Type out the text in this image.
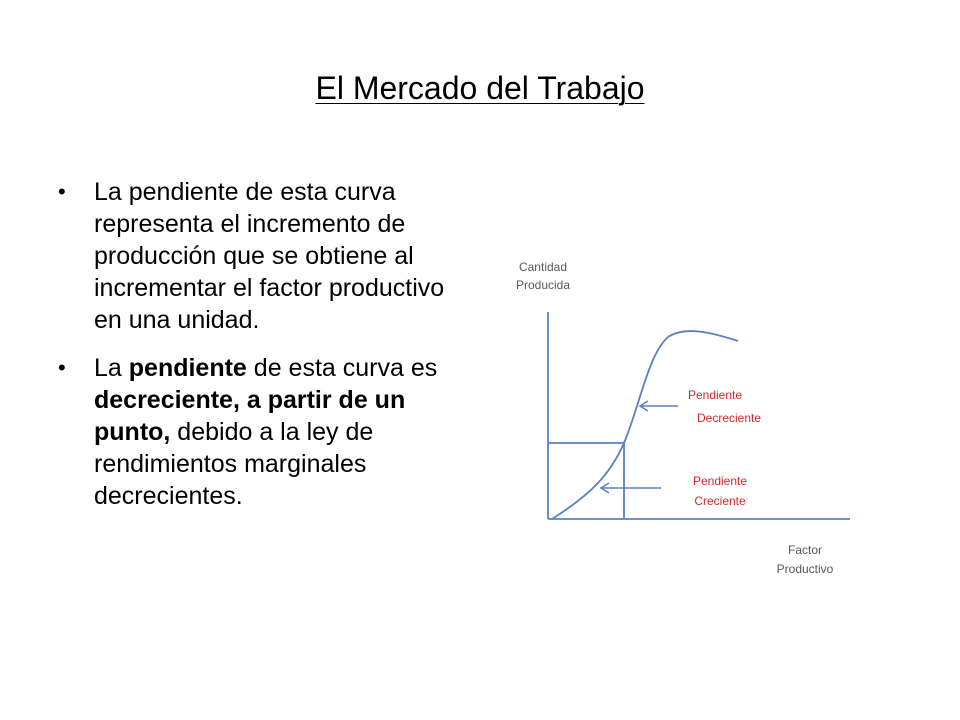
El Mercado del Trabajo
• La pendiente de esta curva representa el incremento de producción que se obtiene al incrementar el factor productivo en una unidad.
• La pendiente de esta curva es decreciente, a partir de un punto, debido a la ley de rendimientos marginales decrecientes.
Cantidad
Producida
Factor
Productivo
Pendiente
Decreciente
Pendiente
Creciente
